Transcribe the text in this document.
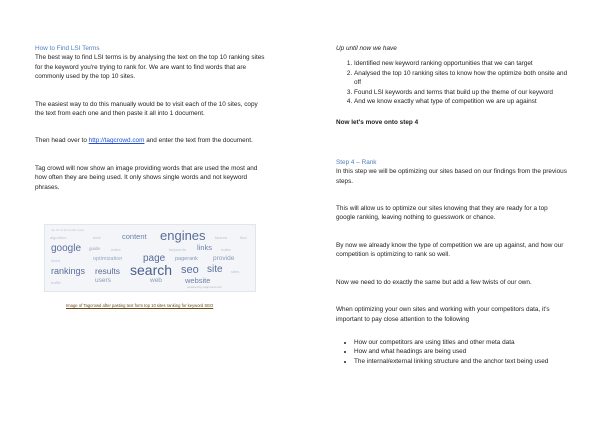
How to Find LSI Terms

The best way to find LSI terms is by analysing the text on the top 10 ranking sites for the keyword you're trying to rank for. We are want to find words that are commonly used by the top 10 sites.

The easiest way to do this manually would be to visit each of the 10 sites, copy the text from each one and then paste it all into 1 document.

Then head over to http://tagcrowd.com and enter the text from the document.

Tag crowd will now show an image providing words that are used the most and how often they are being used. It only shows single words and not keyword phrases.

top 10 of 10 results (seo)
algorithm	best	content engines factors	find
google guide	index	keywords links make
need	optimization page pagerank provide
rankings results search seo site sites
traffic	users	web	website
powered by tagcrowd.com
Image of Tagcrowd after pasting text form top 10 sites ranking for keyword SEO

Up until now we have

1. Identified new keyword ranking opportunities that we can target
2. Analysed the top 10 ranking sites to know how the optimize both onsite and off
3. Found LSI keywords and terms that build up the theme of our keyword
4. And we know exactly what type of competition we are up against

Now let's move onto step 4

Step 4 – Rank

In this step we will be optimizing our sites based on our findings from the previous steps.

This will allow us to optimize our sites knowing that they are ready for a top google ranking, leaving nothing to guesswork or chance.

By now we already know the type of competition we are up against, and how our competition is optimizing to rank so well.

Now we need to do exactly the same but add a few twists of our own.

When optimizing your own sites and working with your competitors data, it's important to pay close attention to the following

• How our competitors are using titles and other meta data
• How and what headings are being used
• The internal/external linking structure and the anchor text being used
